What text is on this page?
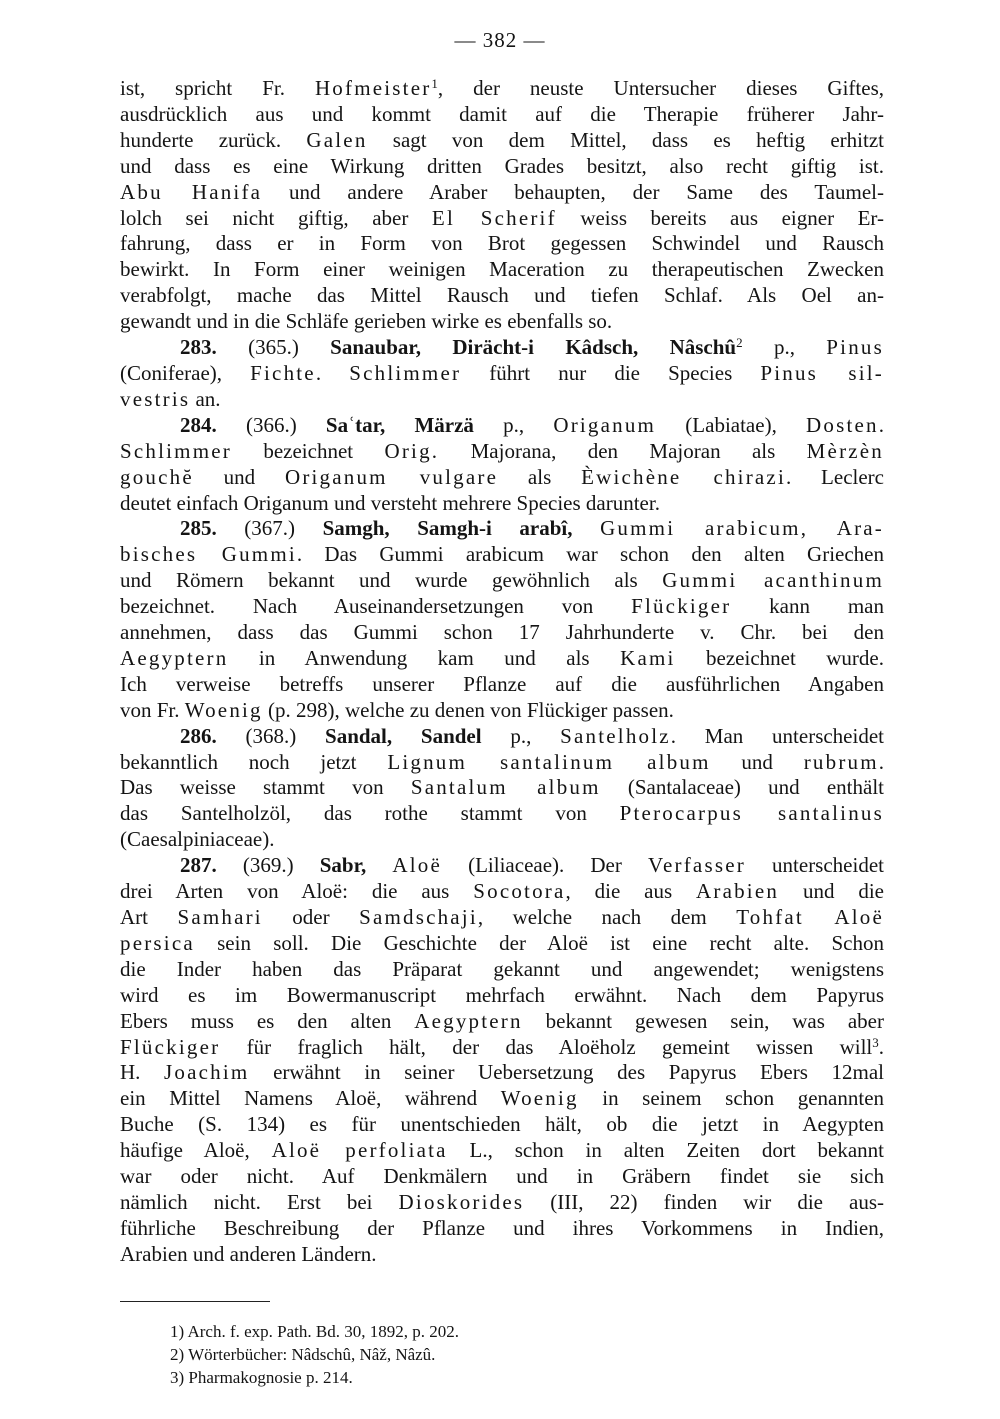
— 382 —
ist, spricht Fr. Hofmeister$^1$, der neuste Untersucher dieses Giftes,
ausdrücklich aus und kommt damit auf die Therapie früherer Jahr-
hunderte zurück. Galen sagt von dem Mittel, dass es heftig erhitzt
und dass es eine Wirkung dritten Grades besitzt, also recht giftig ist.
Abu Hanifa und andere Araber behaupten, der Same des Taumel-
lolch sei nicht giftig, aber El Scherif weiss bereits aus eigner Er-
fahrung, dass er in Form von Brot gegessen Schwindel und Rausch
bewirkt. In Form einer weinigen Maceration zu therapeutischen Zwecken
verabfolgt, mache das Mittel Rausch und tiefen Schlaf. Als Oel an-
gewandt und in die Schläfe gerieben wirke es ebenfalls so.
283. (365.) Sanaubar, Dirächt-i Kâdsch, Nâschû$^2$ p., Pinus
(Coniferae), Fichte. Schlimmer führt nur die Species Pinus sil-
vestris an.
284. (366.) Saʿtar, Märzä p., Origanum (Labiatae), Dosten.
Schlimmer bezeichnet Orig. Majorana, den Majoran als Mèrzèn
gouchĕ und Origanum vulgare als Èwichène chirazi. Leclerc
deutet einfach Origanum und versteht mehrere Species darunter.
285. (367.) Samgh, Samgh-i arabî, Gummi arabicum, Ara-
bisches Gummi. Das Gummi arabicum war schon den alten Griechen
und Römern bekannt und wurde gewöhnlich als Gummi acanthinum
bezeichnet. Nach Auseinandersetzungen von Flückiger kann man
annehmen, dass das Gummi schon 17 Jahrhunderte v. Chr. bei den
Aegyptern in Anwendung kam und als Kami bezeichnet wurde.
Ich verweise betreffs unserer Pflanze auf die ausführlichen Angaben
von Fr. Woenig (p. 298), welche zu denen von Flückiger passen.
286. (368.) Sandal, Sandel p., Santelholz. Man unterscheidet
bekanntlich noch jetzt Lignum santalinum album und rubrum.
Das weisse stammt von Santalum album (Santalaceae) und enthält
das Santelholzöl, das rothe stammt von Pterocarpus santalinus
(Caesalpiniaceae).
287. (369.) Sabr, Aloë (Liliaceae). Der Verfasser unterscheidet
drei Arten von Aloë: die aus Socotora, die aus Arabien und die
Art Samhari oder Samdschaji, welche nach dem Tohfat Aloë
persica sein soll. Die Geschichte der Aloë ist eine recht alte. Schon
die Inder haben das Präparat gekannt und angewendet; wenigstens
wird es im Bowermanuscript mehrfach erwähnt. Nach dem Papyrus
Ebers muss es den alten Aegyptern bekannt gewesen sein, was aber
Flückiger für fraglich hält, der das Aloëholz gemeint wissen will$^3$.
H. Joachim erwähnt in seiner Uebersetzung des Papyrus Ebers 12mal
ein Mittel Namens Aloë, während Woenig in seinem schon genannten
Buche (S. 134) es für unentschieden hält, ob die jetzt in Aegypten
häufige Aloë, Aloë perfoliata L., schon in alten Zeiten dort bekannt
war oder nicht. Auf Denkmälern und in Gräbern findet sie sich
nämlich nicht. Erst bei Dioskorides (III, 22) finden wir die aus-
führliche Beschreibung der Pflanze und ihres Vorkommens in Indien,
Arabien und anderen Ländern.
1) Arch. f. exp. Path. Bd. 30, 1892, p. 202.
2) Wörterbücher: Nâdschû, Nâž, Nâzû.
3) Pharmakognosie p. 214.
